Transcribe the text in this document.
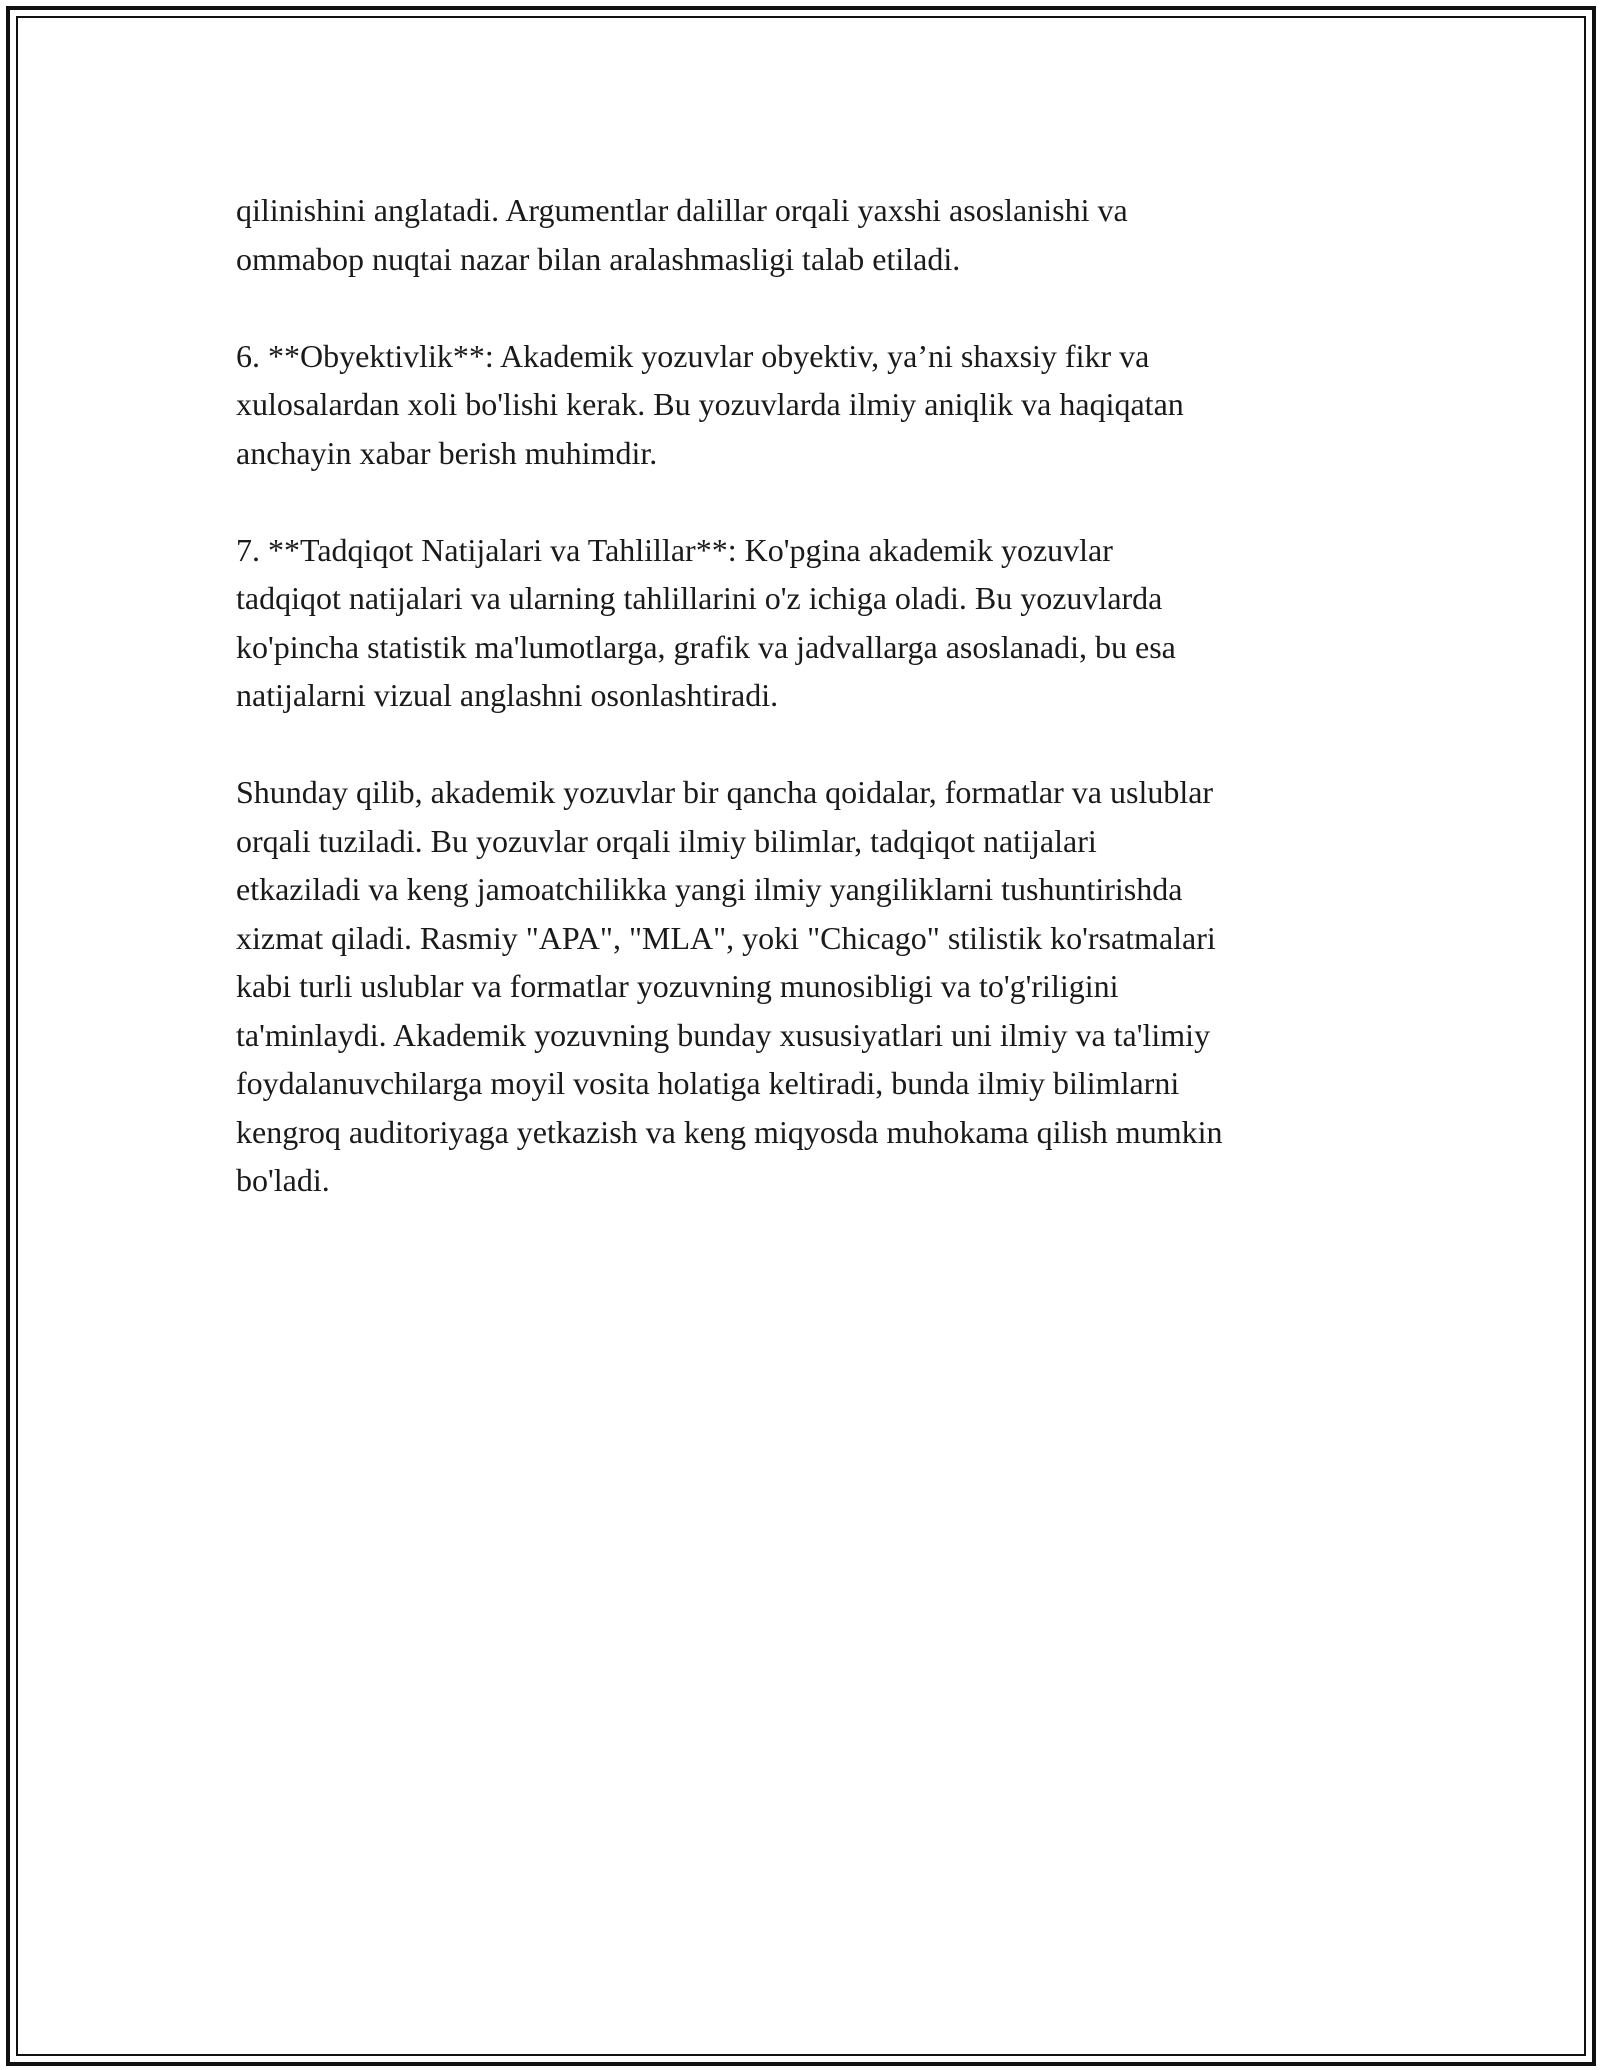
qilinishini anglatadi. Argumentlar dalillar orqali yaxshi asoslanishi va
ommabop nuqtai nazar bilan aralashmasligi talab etiladi.

6. **Obyektivlik**: Akademik yozuvlar obyektiv, ya’ni shaxsiy fikr va
xulosalardan xoli bo'lishi kerak. Bu yozuvlarda ilmiy aniqlik va haqiqatan
anchayin xabar berish muhimdir.

7. **Tadqiqot Natijalari va Tahlillar**: Ko'pgina akademik yozuvlar
tadqiqot natijalari va ularning tahlillarini o'z ichiga oladi. Bu yozuvlarda
ko'pincha statistik ma'lumotlarga, grafik va jadvallarga asoslanadi, bu esa
natijalarni vizual anglashni osonlashtiradi.

Shunday qilib, akademik yozuvlar bir qancha qoidalar, formatlar va uslublar
orqali tuziladi. Bu yozuvlar orqali ilmiy bilimlar, tadqiqot natijalari
etkaziladi va keng jamoatchilikka yangi ilmiy yangiliklarni tushuntirishda
xizmat qiladi. Rasmiy "APA", "MLA", yoki "Chicago" stilistik ko'rsatmalari
kabi turli uslublar va formatlar yozuvning munosibligi va to'g'riligini
ta'minlaydi. Akademik yozuvning bunday xususiyatlari uni ilmiy va ta'limiy
foydalanuvchilarga moyil vosita holatiga keltiradi, bunda ilmiy bilimlarni
kengroq auditoriyaga yetkazish va keng miqyosda muhokama qilish mumkin
bo'ladi.
